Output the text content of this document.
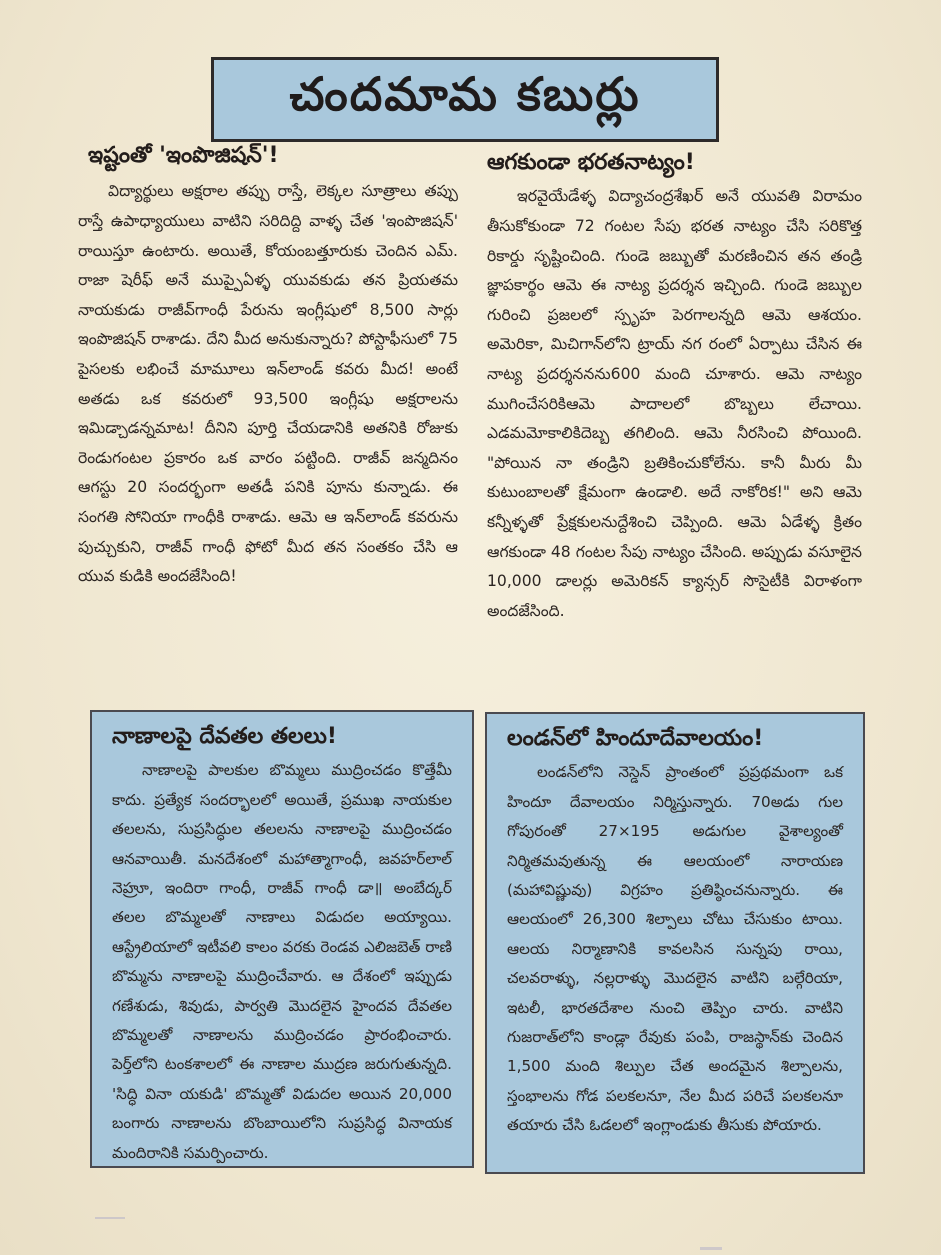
చందమామ కబుర్లు
ఇష్టంతో 'ఇంపొజిషన్'!
విద్యార్థులు అక్షరాల తప్పు రాస్తే, లెక్కల సూత్రాలు తప్పు రాస్తే ఉపాధ్యాయులు వాటిని సరిదిద్ది వాళ్ళ చేత 'ఇంపొజిషన్' రాయిస్తూ ఉంటారు. అయితే, కోయంబత్తూరుకు చెందిన ఎమ్. రాజా షెరీఫ్ అనే ముప్పైఏళ్ళ యువకుడు తన ప్రియతమ నాయకుడు రాజీవ్‌గాంధీ పేరును ఇంగ్లీషులో 8,500 సార్లు ఇంపొజిషన్ రాశాడు. దేని మీద అనుకున్నారు? పోస్టాఫీసులో 75 పైసలకు లభించే మామూలు ఇన్‌లాండ్ కవరు మీద! అంటే అతడు ఒక కవరులో 93,500 ఇంగ్లీషు అక్షరాలను ఇమిడ్చాడన్నమాట! దీనిని పూర్తి చేయడానికి అతనికి రోజుకు రెండుగంటల ప్రకారం ఒక వారం పట్టింది. రాజీవ్ జన్మదినం ఆగస్టు 20 సందర్భంగా అతడీ పనికి పూను కున్నాడు. ఈ సంగతి సోనియా గాంధీకి రాశాడు. ఆమె ఆ ఇన్‌లాండ్ కవరును పుచ్చుకుని, రాజీవ్ గాంధీ ఫోటో మీద తన సంతకం చేసి ఆ యువ కుడికి అందజేసింది!
ఆగకుండా భరతనాట్యం!
ఇరవైయేడేళ్ళ విద్యాచంద్రశేఖర్ అనే యువతి విరామం తీసుకోకుండా 72 గంటల సేపు భరత నాట్యం చేసి సరికొత్త రికార్డు సృష్టించింది. గుండె జబ్బుతో మరణించిన తన తండ్రి జ్ఞాపకార్థం ఆమె ఈ నాట్య ప్రదర్శన ఇచ్చింది. గుండె జబ్బుల గురించి ప్రజలలో స్పృహ పెరగాలన్నది ఆమె ఆశయం. అమెరికా, మిచిగాన్‌లోని ట్రాయ్ నగ రంలో ఏర్పాటు చేసిన ఈ నాట్య ప్రదర్శననను600 మంది చూశారు. ఆమె నాట్యం ముగించేసరికిఆమె పాదాలలో బొబ్బలు లేచాయి. ఎడమమోకాలికిదెబ్బ తగిలింది. ఆమె నీరసించి పోయింది. "పోయిన నా తండ్రిని బ్రతికించుకోలేను. కానీ మీరు మీ కుటుంబాలతో క్షేమంగా ఉండాలి. అదే నాకోరిక!" అని ఆమె కన్నీళ్ళతో ప్రేక్షకులనుద్దేశించి చెప్పింది. ఆమె ఏడేళ్ళ క్రితం ఆగకుండా 48 గంటల సేపు నాట్యం చేసింది. అప్పుడు వసూలైన 10,000 డాలర్లు అమెరికన్ క్యాన్సర్ సొసైటీకి విరాళంగా అందజేసింది.
నాణాలపై దేవతల తలలు!
నాణాలపై పాలకుల బొమ్మలు ముద్రించడం కొత్తేమీ కాదు. ప్రత్యేక సందర్భాలలో అయితే, ప్రముఖ నాయకుల తలలను, సుప్రసిద్ధుల తలలను నాణాలపై ముద్రించడం ఆనవాయితీ. మనదేశంలో మహాత్మాగాంధీ, జవహర్‌లాల్ నెహ్రూ, ఇందిరా గాంధీ, రాజీవ్ గాంధీ డా॥ అంబేద్కర్ తలల బొమ్మలతో నాణాలు విడుదల అయ్యాయి. ఆస్ట్రేలియాలో ఇటీవలి కాలం వరకు రెండవ ఎలిజబెత్ రాణి బొమ్మను నాణాలపై ముద్రించేవారు. ఆ దేశంలో ఇప్పుడు గణేశుడు, శివుడు, పార్వతి మొదలైన హైందవ దేవతల బొమ్మలతో నాణాలను ముద్రించడం ప్రారంభించారు. పెర్త్‌లోని టంకశాలలో ఈ నాణాల ముద్రణ జరుగుతున్నది. 'సిద్ధి వినా యకుడి' బొమ్మతో విడుదల అయిన 20,000 బంగారు నాణాలను బొంబాయిలోని సుప్రసిద్ధ వినాయక మందిరానికి సమర్పించారు.
లండన్‌లో హిందూదేవాలయం!
లండన్‌లోని నెస్డెన్ ప్రాంతంలో ప్రప్రథమంగా ఒక హిందూ దేవాలయం నిర్మిస్తున్నారు. 70అడు గుల గోపురంతో 27×195 అడుగుల వైశాల్యంతో నిర్మితమవుతున్న ఈ ఆలయంలో నారాయణ (మహావిష్ణువు) విగ్రహం ప్రతిష్ఠించనున్నారు. ఈ ఆలయంలో 26,300 శిల్పాలు చోటు చేసుకుం టాయి. ఆలయ నిర్మాణానికి కావలసిన సున్నపు రాయి, చలవరాళ్ళు, నల్లరాళ్ళు మొదలైన వాటిని బల్గేరియా, ఇటలీ, భారతదేశాల నుంచి తెప్పిం చారు. వాటిని గుజరాత్‌లోని కాండ్లా రేవుకు పంపి, రాజస్థాన్‌కు చెందిన 1,500 మంది శిల్పుల చేత అందమైన శిల్పాలను, స్తంభాలను గోడ పలకలనూ, నేల మీద పరిచే పలకలనూ తయారు చేసి ఓడలలో ఇంగ్లాండుకు తీసుకు పోయారు.
